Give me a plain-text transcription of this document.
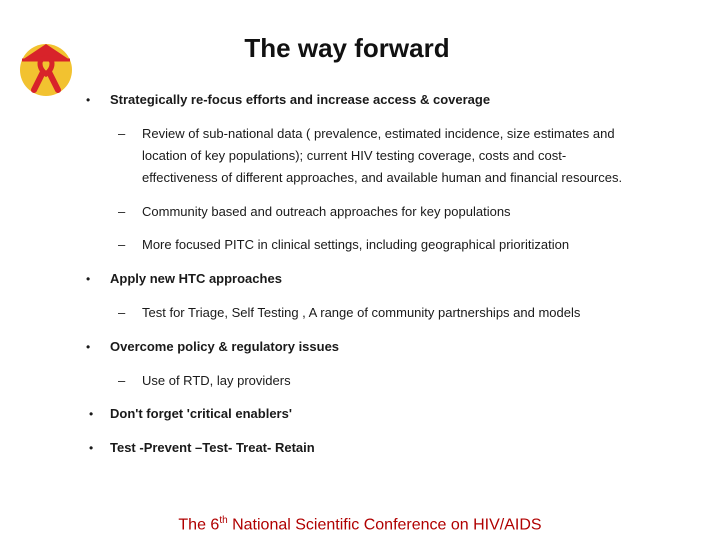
The way forward
• Strategically re-focus efforts and increase access & coverage
– Review of sub-national data ( prevalence, estimated incidence, size estimates and
location of key populations); current HIV testing coverage, costs and cost-
effectiveness of different approaches, and available human and financial resources.
– Community based and outreach approaches for key populations
– More focused PITC in clinical settings, including geographical prioritization
• Apply new HTC approaches
– Test for Triage, Self Testing , A range of community partnerships and models
• Overcome policy & regulatory issues
– Use of RTD, lay providers
• Don't forget 'critical enablers'
• Test -Prevent –Test- Treat- Retain
The 6th National Scientific Conference on HIV/AIDS
